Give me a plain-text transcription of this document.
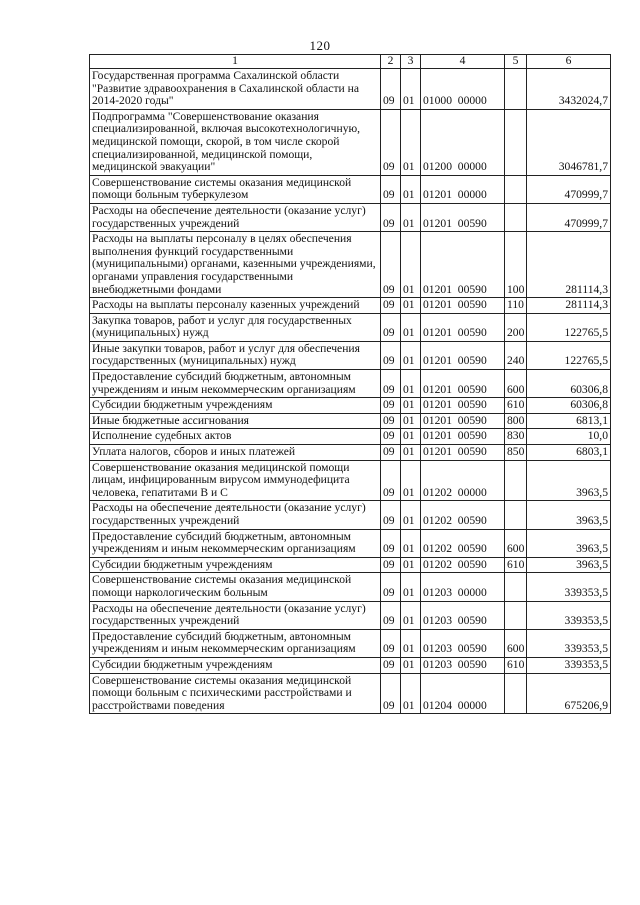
120
1	2	3	4	5	6
Государственная программа Сахалинской области "Развитие здравоохранения в Сахалинской области на 2014-2020 годы"	09	01	01000  00000		3432024,7
Подпрограмма "Совершенствование оказания специализированной, включая высокотехнологичную, медицинской помощи, скорой, в том числе скорой специализированной, медицинской помощи, медицинской эвакуации"	09	01	01200  00000		3046781,7
Совершенствование системы оказания медицинской помощи больным туберкулезом	09	01	01201  00000		470999,7
Расходы на обеспечение деятельности (оказание услуг) государственных учреждений	09	01	01201  00590		470999,7
Расходы на выплаты персоналу в целях обеспечения выполнения функций государственными (муниципальными) органами, казенными учреждениями, органами управления государственными внебюджетными фондами	09	01	01201  00590	100	281114,3
Расходы на выплаты персоналу казенных учреждений	09	01	01201  00590	110	281114,3
Закупка товаров, работ и услуг для государственных (муниципальных) нужд	09	01	01201  00590	200	122765,5
Иные закупки товаров, работ и услуг для обеспечения государственных (муниципальных) нужд	09	01	01201  00590	240	122765,5
Предоставление субсидий бюджетным, автономным учреждениям и иным некоммерческим организациям	09	01	01201  00590	600	60306,8
Субсидии бюджетным учреждениям	09	01	01201  00590	610	60306,8
Иные бюджетные ассигнования	09	01	01201  00590	800	6813,1
Исполнение судебных актов	09	01	01201  00590	830	10,0
Уплата налогов, сборов и иных платежей	09	01	01201  00590	850	6803,1
Совершенствование оказания медицинской помощи лицам, инфицированным вирусом иммунодефицита человека, гепатитами В и С	09	01	01202  00000		3963,5
Расходы на обеспечение деятельности (оказание услуг) государственных учреждений	09	01	01202  00590		3963,5
Предоставление субсидий бюджетным, автономным учреждениям и иным некоммерческим организациям	09	01	01202  00590	600	3963,5
Субсидии бюджетным учреждениям	09	01	01202  00590	610	3963,5
Совершенствование системы оказания медицинской помощи наркологическим больным	09	01	01203  00000		339353,5
Расходы на обеспечение деятельности (оказание услуг) государственных учреждений	09	01	01203  00590		339353,5
Предоставление субсидий бюджетным, автономным учреждениям и иным некоммерческим организациям	09	01	01203  00590	600	339353,5
Субсидии бюджетным учреждениям	09	01	01203  00590	610	339353,5
Совершенствование системы оказания медицинской помощи больным с психическими расстройствами и расстройствами поведения	09	01	01204  00000		675206,9
